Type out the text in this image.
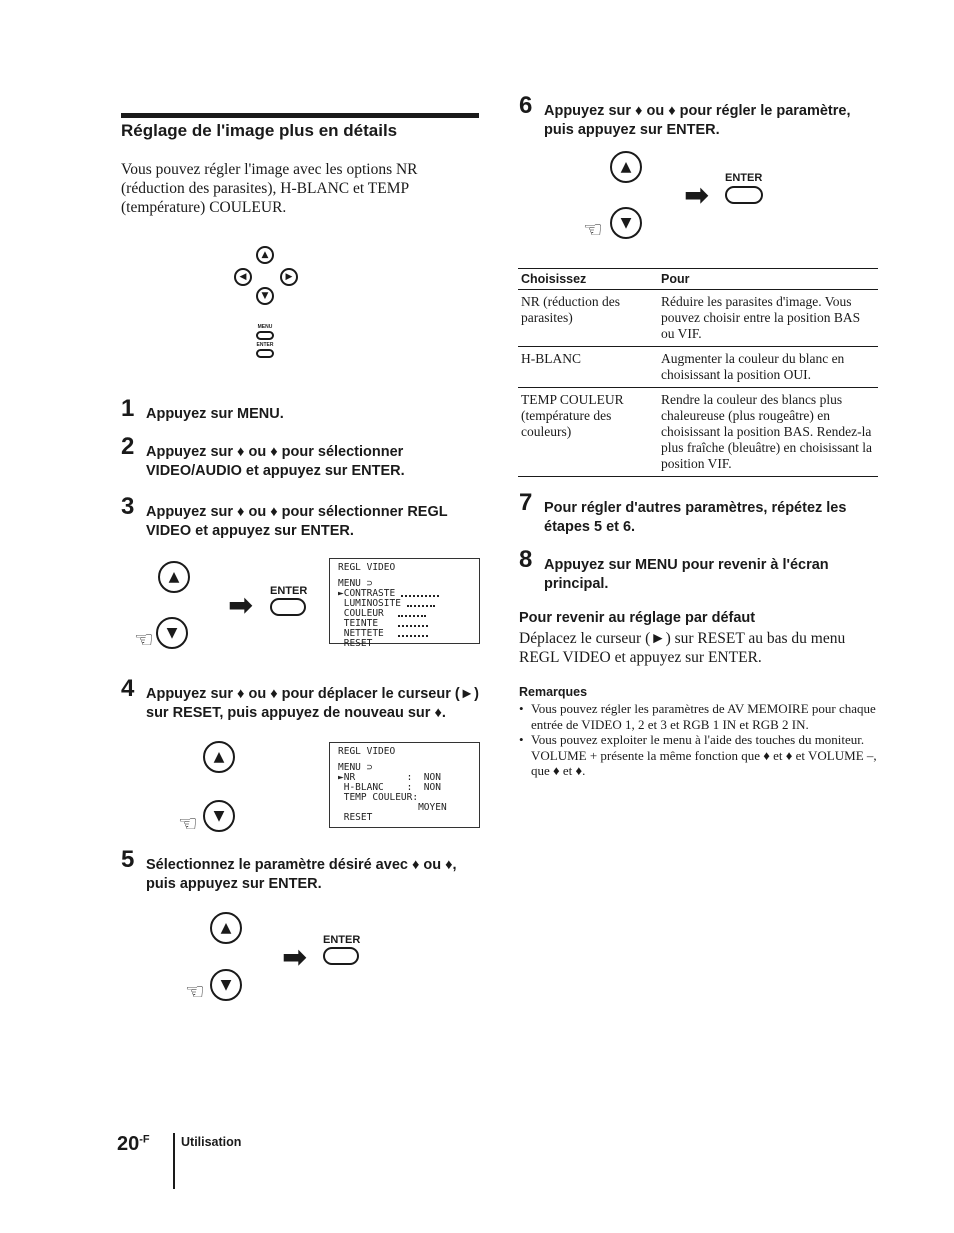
Réglage de l'image plus en détails
Vous pouvez régler l'image avec les options NR (réduction des parasites), H-BLANC et TEMP (température) COULEUR.
▲
◀	▶
▼
MENU
ENTER
1 Appuyez sur MENU.
2 Appuyez sur ♦ ou ♦ pour sélectionner VIDEO/AUDIO et appuyez sur ENTER.
3 Appuyez sur ♦ ou ♦ pour sélectionner REGL VIDEO et appuyez sur ENTER.
▲
▼
☜
➡ ENTER
REGL VIDEO
MENU ⊃
►CONTRASTE
LUMINOSITE
COULEUR
TEINTE
NETTETE
RESET
4 Appuyez sur ♦ ou ♦ pour déplacer le curseur (►) sur RESET, puis appuyez de nouveau sur ♦.
▲
▼
☜
REGL VIDEO
MENU ⊃
►NR         :  NON
H-BLANC    :  NON
TEMP COULEUR:
MOYEN
RESET
5 Sélectionnez le paramètre désiré avec ♦ ou ♦, puis appuyez sur ENTER.
▲
▼
☜
➡ ENTER
6 Appuyez sur ♦ ou ♦ pour régler le paramètre, puis appuyez sur ENTER.
▲
▼
☜
➡ ENTER
Choisissez	Pour
NR (réduction des parasites)	Réduire les parasites d'image. Vous pouvez choisir entre la position BAS ou VIF.
H-BLANC	Augmenter la couleur du blanc en choisissant la position OUI.
TEMP COULEUR (température des couleurs)	Rendre la couleur des blancs plus chaleureuse (plus rougeâtre) en choisissant la position BAS. Rendez-la plus fraîche (bleuâtre) en choisissant la position VIF.
7 Pour régler d'autres paramètres, répétez les étapes 5 et 6.
8 Appuyez sur MENU pour revenir à l'écran principal.
Pour revenir au réglage par défaut
Déplacez le curseur (►) sur RESET au bas du menu REGL VIDEO et appuyez sur ENTER.
Remarques
• Vous pouvez régler les paramètres de AV MEMOIRE pour chaque entrée de VIDEO 1, 2 et 3 et RGB 1 IN et RGB 2 IN.
• Vous pouvez exploiter le menu à l'aide des touches du moniteur. VOLUME + présente la même fonction que ♦ et ♦ et VOLUME –, que ♦ et ♦.
$20^{-F}$	Utilisation
